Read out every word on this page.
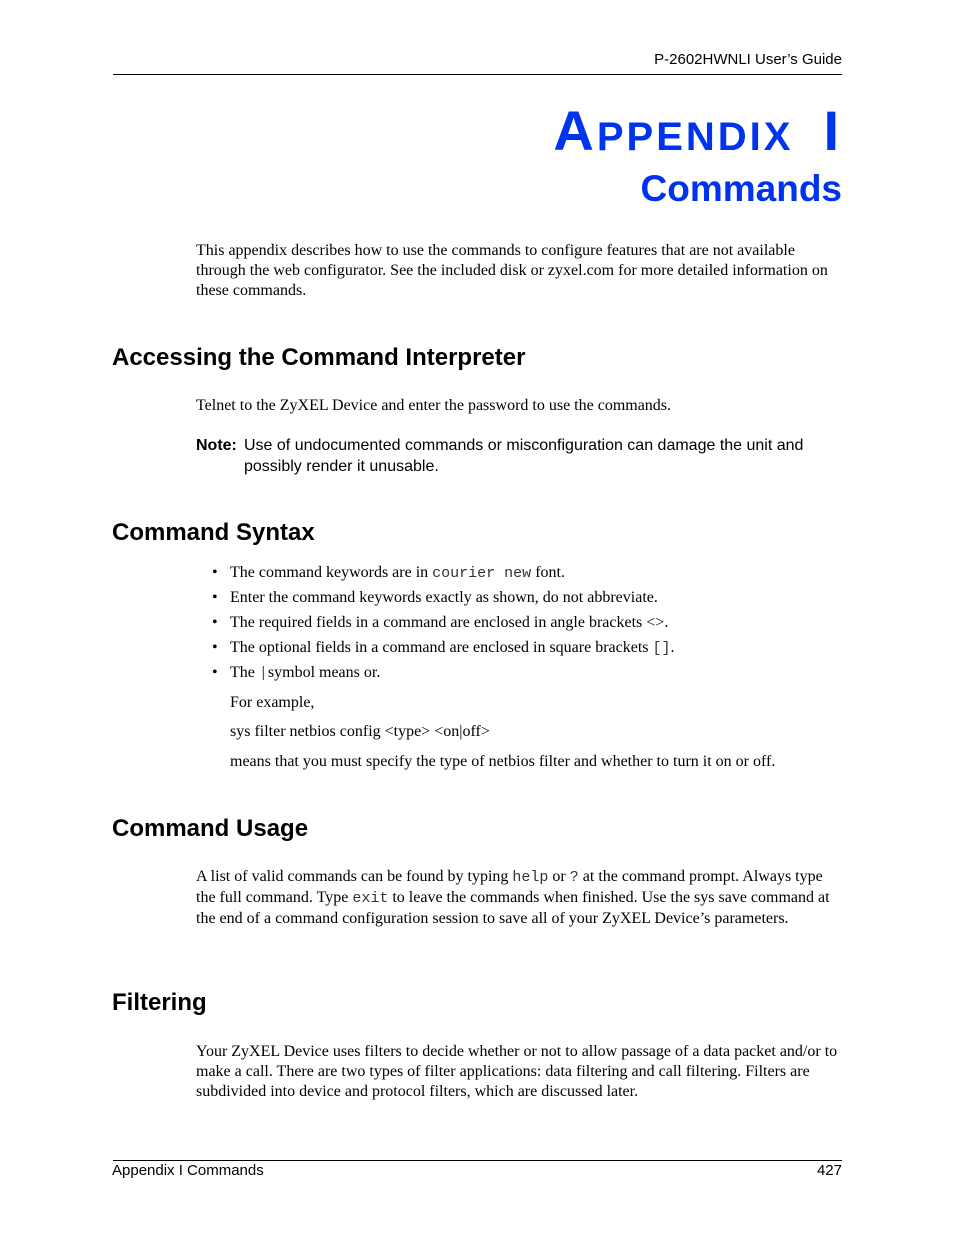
P-2602HWNLI User’s Guide
APPENDIX I
Commands
This appendix describes how to use the commands to configure features that are not available through the web configurator. See the included disk or zyxel.com for more detailed information on these commands.
Accessing the Command Interpreter
Telnet to the ZyXEL Device and enter the password to use the commands.
Note: Use of undocumented commands or misconfiguration can damage the unit and possibly render it unusable.
Command Syntax
• The command keywords are in courier new font.
• Enter the command keywords exactly as shown, do not abbreviate.
• The required fields in a command are enclosed in angle brackets <>.
• The optional fields in a command are enclosed in square brackets [].
• The |symbol means or.
For example,
sys filter netbios config <type> <on|off>
means that you must specify the type of netbios filter and whether to turn it on or off.
Command Usage
A list of valid commands can be found by typing help or ? at the command prompt. Always type the full command. Type exit to leave the commands when finished. Use the sys save command at the end of a command configuration session to save all of your ZyXEL Device’s parameters.
Filtering
Your ZyXEL Device uses filters to decide whether or not to allow passage of a data packet and/or to make a call. There are two types of filter applications: data filtering and call filtering. Filters are subdivided into device and protocol filters, which are discussed later.
Appendix I Commands	427
